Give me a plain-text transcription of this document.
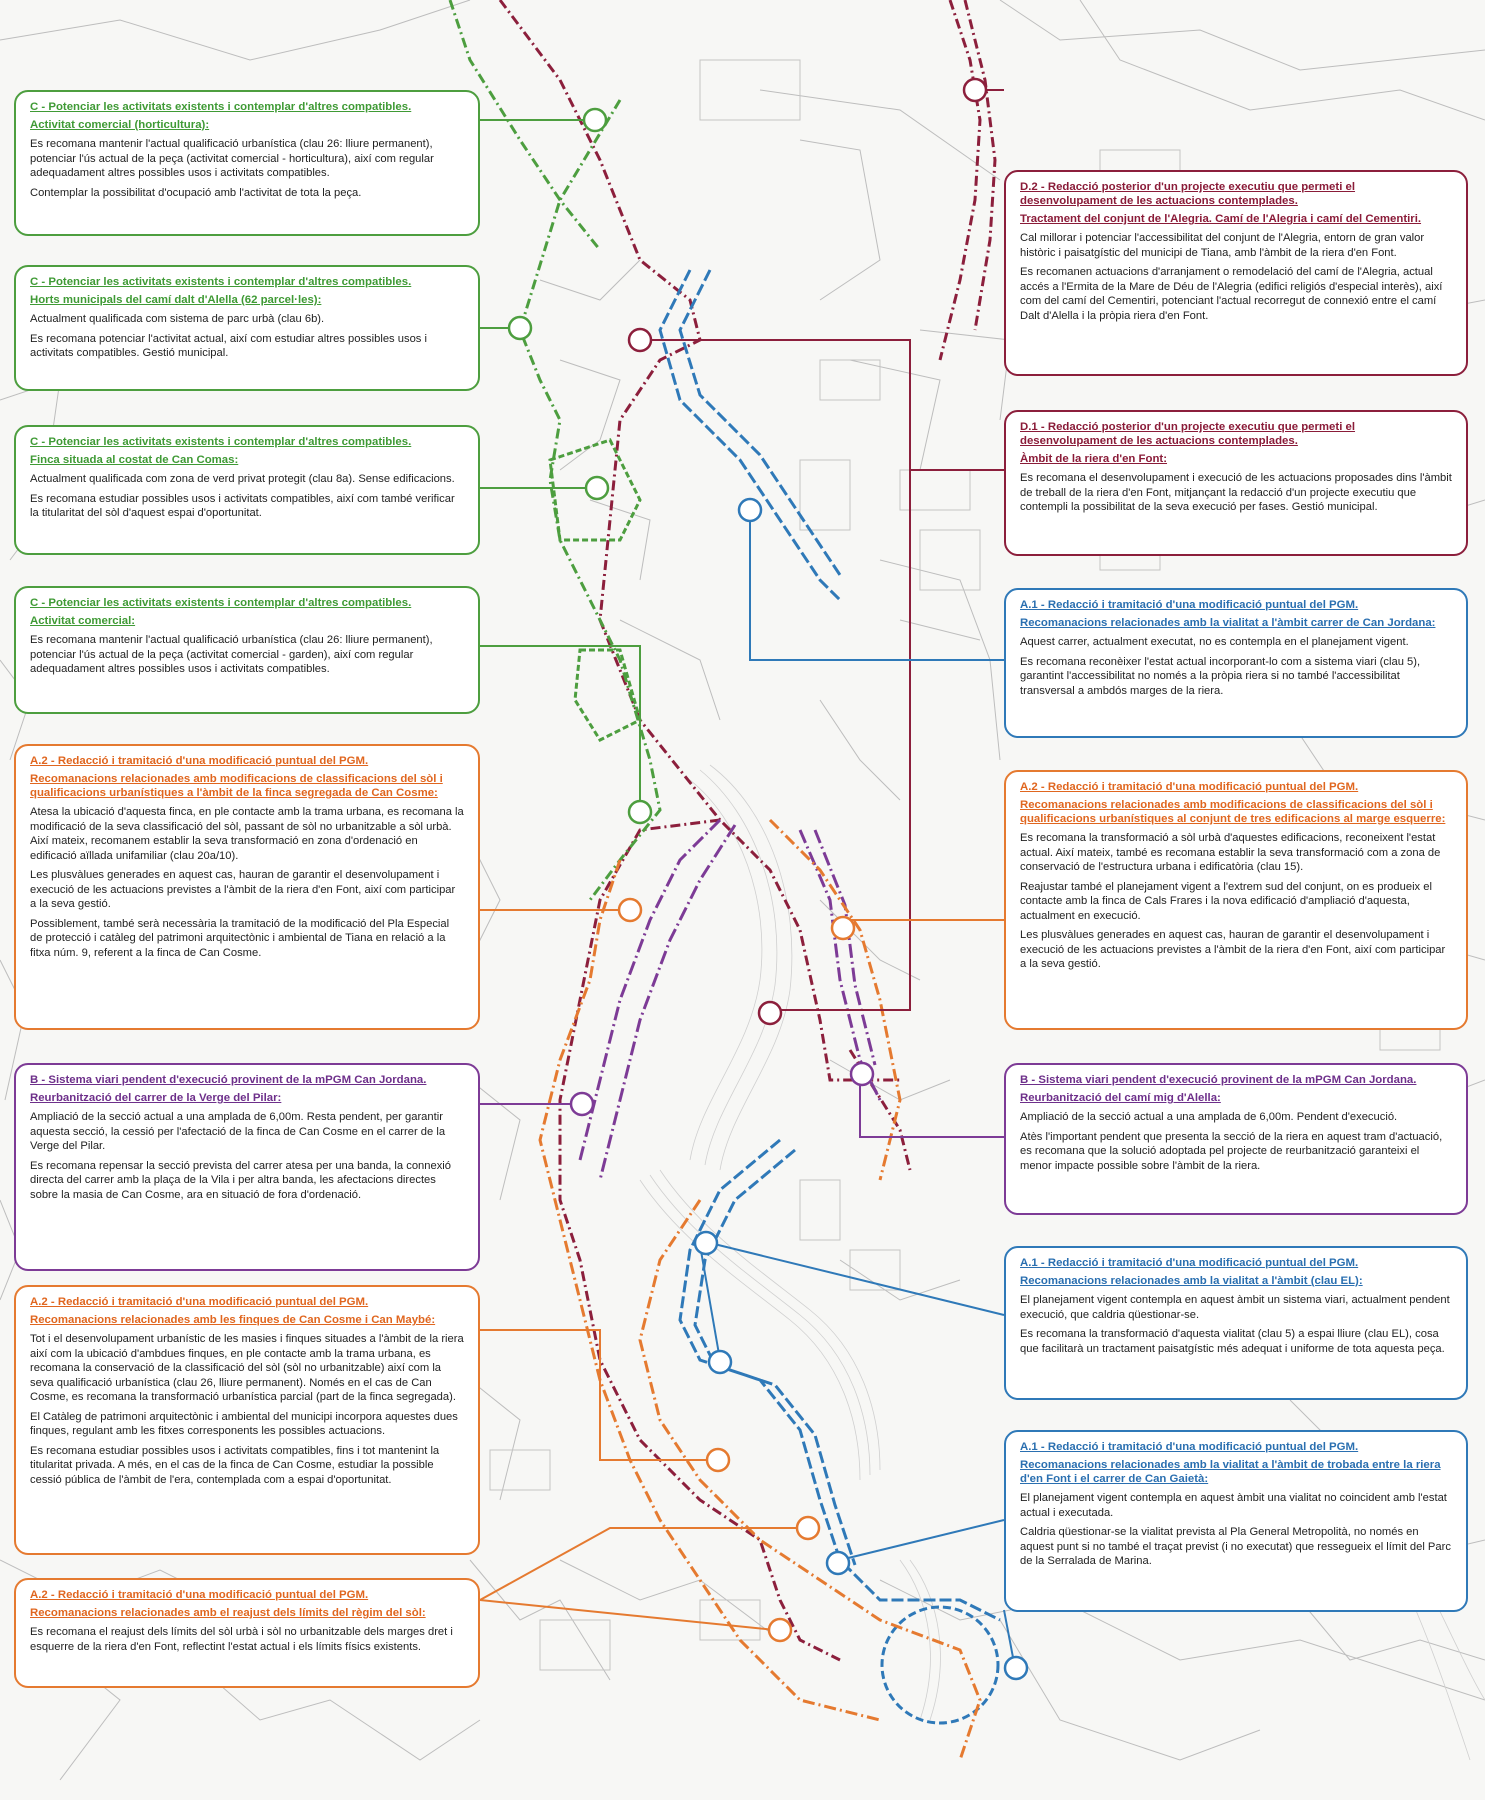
C - Potenciar les activitats existents i contemplar d'altres compatibles.
Activitat comercial (horticultura):

Es recomana mantenir l'actual qualificació urbanística (clau 26: lliure permanent), potenciar l'ús actual de la peça (activitat comercial - horticultura), així com regular adequadament altres possibles usos i activitats compatibles.

Contemplar la possibilitat d'ocupació amb l'activitat de tota la peça.

C - Potenciar les activitats existents i contemplar d'altres compatibles.
Horts municipals del camí dalt d'Alella (62 parcel·les):

Actualment qualificada com sistema de parc urbà (clau 6b).

Es recomana potenciar l'activitat actual, així com estudiar altres possibles usos i activitats compatibles. Gestió municipal.

C - Potenciar les activitats existents i contemplar d'altres compatibles.
Finca situada al costat de Can Comas:

Actualment qualificada com zona de verd privat protegit (clau 8a). Sense edificacions.

Es recomana estudiar possibles usos i activitats compatibles, així com també verificar la titularitat del sòl d'aquest espai d'oportunitat.

C - Potenciar les activitats existents i contemplar d'altres compatibles.
Activitat comercial:

Es recomana mantenir l'actual qualificació urbanística (clau 26: lliure permanent), potenciar l'ús actual de la peça (activitat comercial - garden), així com regular adequadament altres possibles usos i activitats compatibles.

A.2 - Redacció i tramitació d'una modificació puntual del PGM.
Recomanacions relacionades amb modificacions de classificacions del sòl i qualificacions urbanístiques a l'àmbit de la finca segregada de Can Cosme:

Atesa la ubicació d'aquesta finca, en ple contacte amb la trama urbana, es recomana la modificació de la seva classificació del sòl, passant de sòl no urbanitzable a sòl urbà. Així mateix, recomanem establir la seva transformació en zona d'ordenació en edificació aïllada unifamiliar (clau 20a/10).

Les plusvàlues generades en aquest cas, hauran de garantir el desenvolupament i execució de les actuacions previstes a l'àmbit de la riera d'en Font, així com participar a la seva gestió.

Possiblement, també serà necessària la tramitació de la modificació del Pla Especial de protecció i catàleg del patrimoni arquitectònic i ambiental de Tiana en relació a la fitxa núm. 9, referent a la finca de Can Cosme.

B - Sistema viari pendent d'execució provinent de la mPGM Can Jordana.
Reurbanització del carrer de la Verge del Pilar:

Ampliació de la secció actual a una amplada de 6,00m. Resta pendent, per garantir aquesta secció, la cessió per l'afectació de la finca de Can Cosme en el carrer de la Verge del Pilar.

Es recomana repensar la secció prevista del carrer atesa per una banda, la connexió directa del carrer amb la plaça de la Vila i per altra banda, les afectacions directes sobre la masia de Can Cosme, ara en situació de fora d'ordenació.

A.2 - Redacció i tramitació d'una modificació puntual del PGM.
Recomanacions relacionades amb les finques de Can Cosme i Can Maybé:

Tot i el desenvolupament urbanístic de les masies i finques situades a l'àmbit de la riera així com la ubicació d'ambdues finques, en ple contacte amb la trama urbana, es recomana la conservació de la classificació del sòl (sòl no urbanitzable) així com la seva qualificació urbanística (clau 26, lliure permanent). Només en el cas de Can Cosme, es recomana la transformació urbanística parcial (part de la finca segregada).

El Catàleg de patrimoni arquitectònic i ambiental del municipi incorpora aquestes dues finques, regulant amb les fitxes corresponents les possibles actuacions.

Es recomana estudiar possibles usos i activitats compatibles, fins i tot mantenint la titularitat privada. A més, en el cas de la finca de Can Cosme, estudiar la possible cessió pública de l'àmbit de l'era, contemplada com a espai d'oportunitat.

A.2 - Redacció i tramitació d'una modificació puntual del PGM.
Recomanacions relacionades amb el reajust dels límits del règim del sòl:

Es recomana el reajust dels límits del sòl urbà i sòl no urbanitzable dels marges dret i esquerre de la riera d'en Font, reflectint l'estat actual i els límits físics existents.

D.2 - Redacció posterior d'un projecte executiu que permeti el desenvolupament de les actuacions contemplades.
Tractament del conjunt de l'Alegria. Camí de l'Alegria i camí del Cementiri.

Cal millorar i potenciar l'accessibilitat del conjunt de l'Alegria, entorn de gran valor històric i paisatgístic del municipi de Tiana, amb l'àmbit de la riera d'en Font.

Es recomanen actuacions d'arranjament o remodelació del camí de l'Alegria, actual accés a l'Ermita de la Mare de Déu de l'Alegria (edifici religiós d'especial interès), així com del camí del Cementiri, potenciant l'actual recorregut de connexió entre el camí Dalt d'Alella i la pròpia riera d'en Font.

D.1 - Redacció posterior d'un projecte executiu que permeti el desenvolupament de les actuacions contemplades.
Àmbit de la riera d'en Font:

Es recomana el desenvolupament i execució de les actuacions proposades dins l'àmbit de treball de la riera d'en Font, mitjançant la redacció d'un projecte executiu que contempli la possibilitat de la seva execució per fases. Gestió municipal.

A.1 - Redacció i tramitació d'una modificació puntual del PGM.
Recomanacions relacionades amb la vialitat a l'àmbit carrer de Can Jordana:

Aquest carrer, actualment executat, no es contempla en el planejament vigent.

Es recomana reconèixer l'estat actual incorporant-lo com a sistema viari (clau 5), garantint l'accessibilitat no només a la pròpia riera si no també l'accessibilitat transversal a ambdós marges de la riera.

A.2 - Redacció i tramitació d'una modificació puntual del PGM.
Recomanacions relacionades amb modificacions de classificacions del sòl i qualificacions urbanístiques al conjunt de tres edificacions al marge esquerre:

Es recomana la transformació a sòl urbà d'aquestes edificacions, reconeixent l'estat actual. Així mateix, també es recomana establir la seva transformació com a zona de conservació de l'estructura urbana i edificatòria (clau 15).

Reajustar també el planejament vigent a l'extrem sud del conjunt, on es produeix el contacte amb la finca de Cals Frares i la nova edificació d'ampliació d'aquesta, actualment en execució.

Les plusvàlues generades en aquest cas, hauran de garantir el desenvolupament i execució de les actuacions previstes a l'àmbit de la riera d'en Font, així com participar a la seva gestió.

B - Sistema viari pendent d'execució provinent de la mPGM Can Jordana.
Reurbanització del camí mig d'Alella:

Ampliació de la secció actual a una amplada de 6,00m. Pendent d'execució.

Atès l'important pendent que presenta la secció de la riera en aquest tram d'actuació, es recomana que la solució adoptada pel projecte de reurbanització garanteixi el menor impacte possible sobre l'àmbit de la riera.

A.1 - Redacció i tramitació d'una modificació puntual del PGM.
Recomanacions relacionades amb la vialitat a l'àmbit (clau EL):

El planejament vigent contempla en aquest àmbit un sistema viari, actualment pendent execució, que caldria qüestionar-se.

Es recomana la transformació d'aquesta vialitat (clau 5) a espai lliure (clau EL), cosa que facilitarà un tractament paisatgístic més adequat i uniforme de tota aquesta peça.

A.1 - Redacció i tramitació d'una modificació puntual del PGM.
Recomanacions relacionades amb la vialitat a l'àmbit de trobada entre la riera d'en Font i el carrer de Can Gaietà:

El planejament vigent contempla en aquest àmbit una vialitat no coincident amb l'estat actual i executada.

Caldria qüestionar-se la vialitat prevista al Pla General Metropolità, no només en aquest punt si no també el traçat previst (i no executat) que ressegueix el límit del Parc de la Serralada de Marina.
